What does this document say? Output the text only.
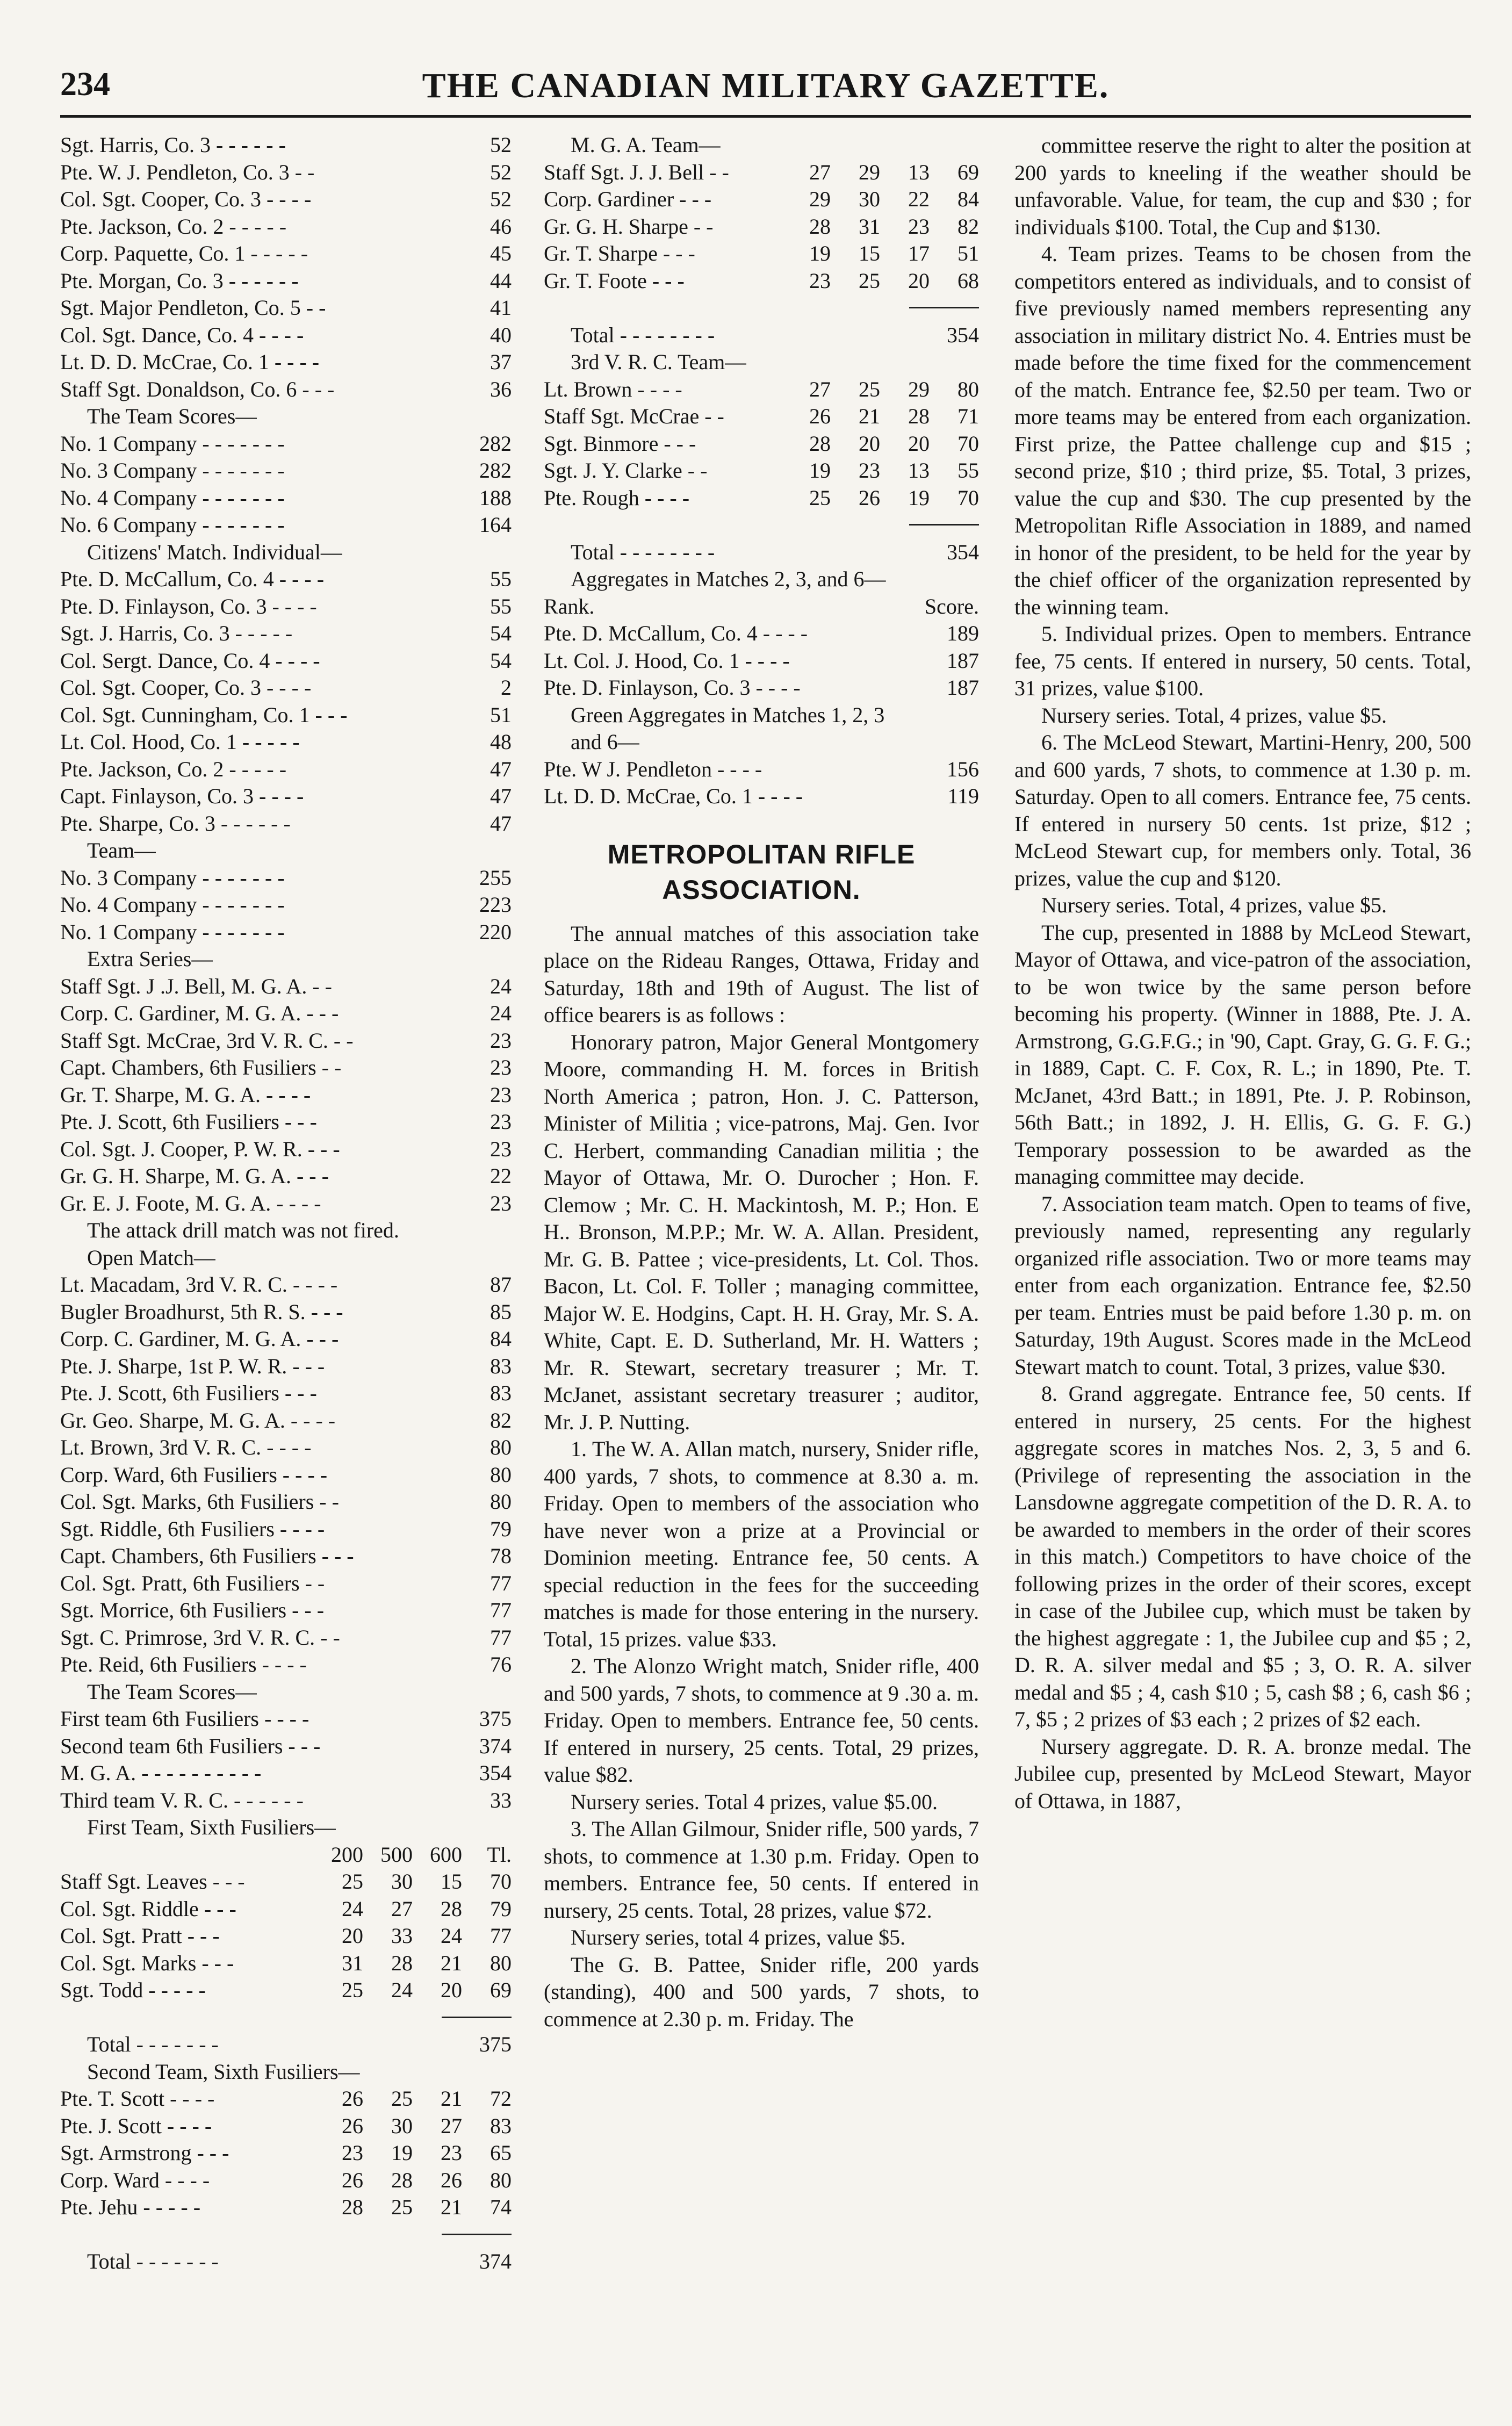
234	THE CANADIAN MILITARY GAZETTE.
Sgt. Harris, Co. 3 - - - - - -	52
Pte. W. J. Pendleton, Co. 3 - -	52
Col. Sgt. Cooper, Co. 3 - - - -	52
Pte. Jackson, Co. 2 - - - - -	46
Corp. Paquette, Co. 1 - - - - -	45
Pte. Morgan, Co. 3 - - - - - -	44
Sgt. Major Pendleton, Co. 5 - -	41
Col. Sgt. Dance, Co. 4 - - - -	40
Lt. D. D. McCrae, Co. 1 - - - -	37
Staff Sgt. Donaldson, Co. 6 - - -	36
The Team Scores—
No. 1 Company - - - - - - -	282
No. 3 Company - - - - - - -	282
No. 4 Company - - - - - - -	188
No. 6 Company - - - - - - -	164
Citizens' Match. Individual—
Pte. D. McCallum, Co. 4 - - - -	55
Pte. D. Finlayson, Co. 3 - - - -	55
Sgt. J. Harris, Co. 3 - - - - -	54
Col. Sergt. Dance, Co. 4 - - - -	54
Col. Sgt. Cooper, Co. 3 - - - -	2
Col. Sgt. Cunningham, Co. 1 - - -	51
Lt. Col. Hood, Co. 1 - - - - -	48
Pte. Jackson, Co. 2 - - - - -	47
Capt. Finlayson, Co. 3 - - - -	47
Pte. Sharpe, Co. 3 - - - - - -	47
Team—
No. 3 Company - - - - - - -	255
No. 4 Company - - - - - - -	223
No. 1 Company - - - - - - -	220
Extra Series—
Staff Sgt. J .J. Bell, M. G. A. - -	24
Corp. C. Gardiner, M. G. A. - - -	24
Staff Sgt. McCrae, 3rd V. R. C. - -	23
Capt. Chambers, 6th Fusiliers - -	23
Gr. T. Sharpe, M. G. A. - - - -	23
Pte. J. Scott, 6th Fusiliers - - -	23
Col. Sgt. J. Cooper, P. W. R. - - -	23
Gr. G. H. Sharpe, M. G. A. - - -	22
Gr. E. J. Foote, M. G. A. - - - -	23
The attack drill match was not fired.
Open Match—
Lt. Macadam, 3rd V. R. C. - - - -	87
Bugler Broadhurst, 5th R. S. - - -	85
Corp. C. Gardiner, M. G. A. - - -	84
Pte. J. Sharpe, 1st P. W. R. - - -	83
Pte. J. Scott, 6th Fusiliers - - -	83
Gr. Geo. Sharpe, M. G. A. - - - -	82
Lt. Brown, 3rd V. R. C. - - - -	80
Corp. Ward, 6th Fusiliers - - - -	80
Col. Sgt. Marks, 6th Fusiliers - -	80
Sgt. Riddle, 6th Fusiliers - - - -	79
Capt. Chambers, 6th Fusiliers - - -	78
Col. Sgt. Pratt, 6th Fusiliers - -	77
Sgt. Morrice, 6th Fusiliers - - -	77
Sgt. C. Primrose, 3rd V. R. C. - -	77
Pte. Reid, 6th Fusiliers - - - -	76
The Team Scores—
First team 6th Fusiliers - - - -	375
Second team 6th Fusiliers - - -	374
M. G. A. - - - - - - - - - -	354
Third team V. R. C. - - - - - -	33
First Team, Sixth Fusiliers—
200 500 600	Tl.
Staff Sgt. Leaves - - -	25	30	15	70
Col. Sgt. Riddle - - -	24	27	28	79
Col. Sgt. Pratt - - -	20	33	24	77
Col. Sgt. Marks - - -	31	28	21	80
Sgt. Todd - - - - -	25	24	20	69
Total - - - - - - -	375
Second Team, Sixth Fusiliers—
Pte. T. Scott - - - -	26	25	21	72
Pte. J. Scott - - - -	26	30	27	83
Sgt. Armstrong - - -	23	19	23	65
Corp. Ward - - - -	26	28	26	80
Pte. Jehu - - - - -	28	25	21	74
Total - - - - - - -	374
M. G. A. Team—
Staff Sgt. J. J. Bell - -	27	29	13	69
Corp. Gardiner - - -	29	30	22	84
Gr. G. H. Sharpe - -	28	31	23	82
Gr. T. Sharpe - - -	19	15	17	51
Gr. T. Foote - - -	23	25	20	68
Total - - - - - - - -	354
3rd V. R. C. Team—
Lt. Brown - - - -	27	25	29	80
Staff Sgt. McCrae - -	26	21	28	71
Sgt. Binmore - - -	28	20	20	70
Sgt. J. Y. Clarke - -	19	23	13	55
Pte. Rough - - - -	25	26	19	70
Total - - - - - - - -	354
Aggregates in Matches 2, 3, and 6—
Rank.	Score.
Pte. D. McCallum, Co. 4 - - - -	189
Lt. Col. J. Hood, Co. 1 - - - -	187
Pte. D. Finlayson, Co. 3 - - - -	187
Green Aggregates in Matches 1, 2, 3
and 6—
Pte. W J. Pendleton - - - -	156
Lt. D. D. McCrae, Co. 1 - - - -	119
METROPOLITAN RIFLE ASSOCIATION.

The annual matches of this association take place on the Rideau Ranges, Ottawa, Friday and Saturday, 18th and 19th of August. The list of office bearers is as follows :

Honorary patron, Major General Montgomery Moore, commanding H. M. forces in British North America ; patron, Hon. J. C. Patterson, Minister of Militia ; vice-patrons, Maj. Gen. Ivor C. Herbert, commanding Canadian militia ; the Mayor of Ottawa, Mr. O. Durocher ; Hon. F. Clemow ; Mr. C. H. Mackintosh, M. P.; Hon. E H.. Bronson, M.P.P.; Mr. W. A. Allan. President, Mr. G. B. Pattee ; vice-presidents, Lt. Col. Thos. Bacon, Lt. Col. F. Toller ; managing committee, Major W. E. Hodgins, Capt. H. H. Gray, Mr. S. A. White, Capt. E. D. Sutherland, Mr. H. Watters ; Mr. R. Stewart, secretary treasurer ; Mr. T. McJanet, assistant secretary treasurer ; auditor, Mr. J. P. Nutting.

1. The W. A. Allan match, nursery, Snider rifle, 400 yards, 7 shots, to commence at 8.30 a. m. Friday. Open to members of the association who have never won a prize at a Provincial or Dominion meeting. Entrance fee, 50 cents. A special reduction in the fees for the succeeding matches is made for those entering in the nursery. Total, 15 prizes. value $33.

2. The Alonzo Wright match, Snider rifle, 400 and 500 yards, 7 shots, to commence at 9 .30 a. m. Friday. Open to members. Entrance fee, 50 cents. If entered in nursery, 25 cents. Total, 29 prizes, value $82.

Nursery series. Total 4 prizes, value $5.00.

3. The Allan Gilmour, Snider rifle, 500 yards, 7 shots, to commence at 1.30 p.m. Friday. Open to members. Entrance fee, 50 cents. If entered in nursery, 25 cents. Total, 28 prizes, value $72.

Nursery series, total 4 prizes, value $5.

The G. B. Pattee, Snider rifle, 200 yards (standing), 400 and 500 yards, 7 shots, to commence at 2.30 p. m. Friday. The

committee reserve the right to alter the position at 200 yards to kneeling if the weather should be unfavorable. Value, for team, the cup and $30 ; for individuals $100. Total, the Cup and $130.

4. Team prizes. Teams to be chosen from the competitors entered as individuals, and to consist of five previously named members representing any association in military district No. 4. Entries must be made before the time fixed for the commencement of the match. Entrance fee, $2.50 per team. Two or more teams may be entered from each organization. First prize, the Pattee challenge cup and $15 ; second prize, $10 ; third prize, $5. Total, 3 prizes, value the cup and $30. The cup presented by the Metropolitan Rifle Association in 1889, and named in honor of the president, to be held for the year by the chief officer of the organization represented by the winning team.

5. Individual prizes. Open to members. Entrance fee, 75 cents. If entered in nursery, 50 cents. Total, 31 prizes, value $100.

Nursery series. Total, 4 prizes, value $5.

6. The McLeod Stewart, Martini-Henry, 200, 500 and 600 yards, 7 shots, to commence at 1.30 p. m. Saturday. Open to all comers. Entrance fee, 75 cents. If entered in nursery 50 cents. 1st prize, $12 ; McLeod Stewart cup, for members only. Total, 36 prizes, value the cup and $120.

Nursery series. Total, 4 prizes, value $5.

The cup, presented in 1888 by McLeod Stewart, Mayor of Ottawa, and vice-patron of the association, to be won twice by the same person before becoming his property. (Winner in 1888, Pte. J. A. Armstrong, G.G.F.G.; in '90, Capt. Gray, G. G. F. G.; in 1889, Capt. C. F. Cox, R. L.; in 1890, Pte. T. McJanet, 43rd Batt.; in 1891, Pte. J. P. Robinson, 56th Batt.; in 1892, J. H. Ellis, G. G. F. G.) Temporary possession to be awarded as the managing committee may decide.

7. Association team match. Open to teams of five, previously named, representing any regularly organized rifle association. Two or more teams may enter from each organization. Entrance fee, $2.50 per team. Entries must be paid before 1.30 p. m. on Saturday, 19th August. Scores made in the McLeod Stewart match to count. Total, 3 prizes, value $30.

8. Grand aggregate. Entrance fee, 50 cents. If entered in nursery, 25 cents. For the highest aggregate scores in matches Nos. 2, 3, 5 and 6. (Privilege of representing the association in the Lansdowne aggregate competition of the D. R. A. to be awarded to members in the order of their scores in this match.) Competitors to have choice of the following prizes in the order of their scores, except in case of the Jubilee cup, which must be taken by the highest aggregate : 1, the Jubilee cup and $5 ; 2, D. R. A. silver medal and $5 ; 3, O. R. A. silver medal and $5 ; 4, cash $10 ; 5, cash $8 ; 6, cash $6 ; 7, $5 ; 2 prizes of $3 each ; 2 prizes of $2 each.

Nursery aggregate. D. R. A. bronze medal. The Jubilee cup, presented by McLeod Stewart, Mayor of Ottawa, in 1887,
